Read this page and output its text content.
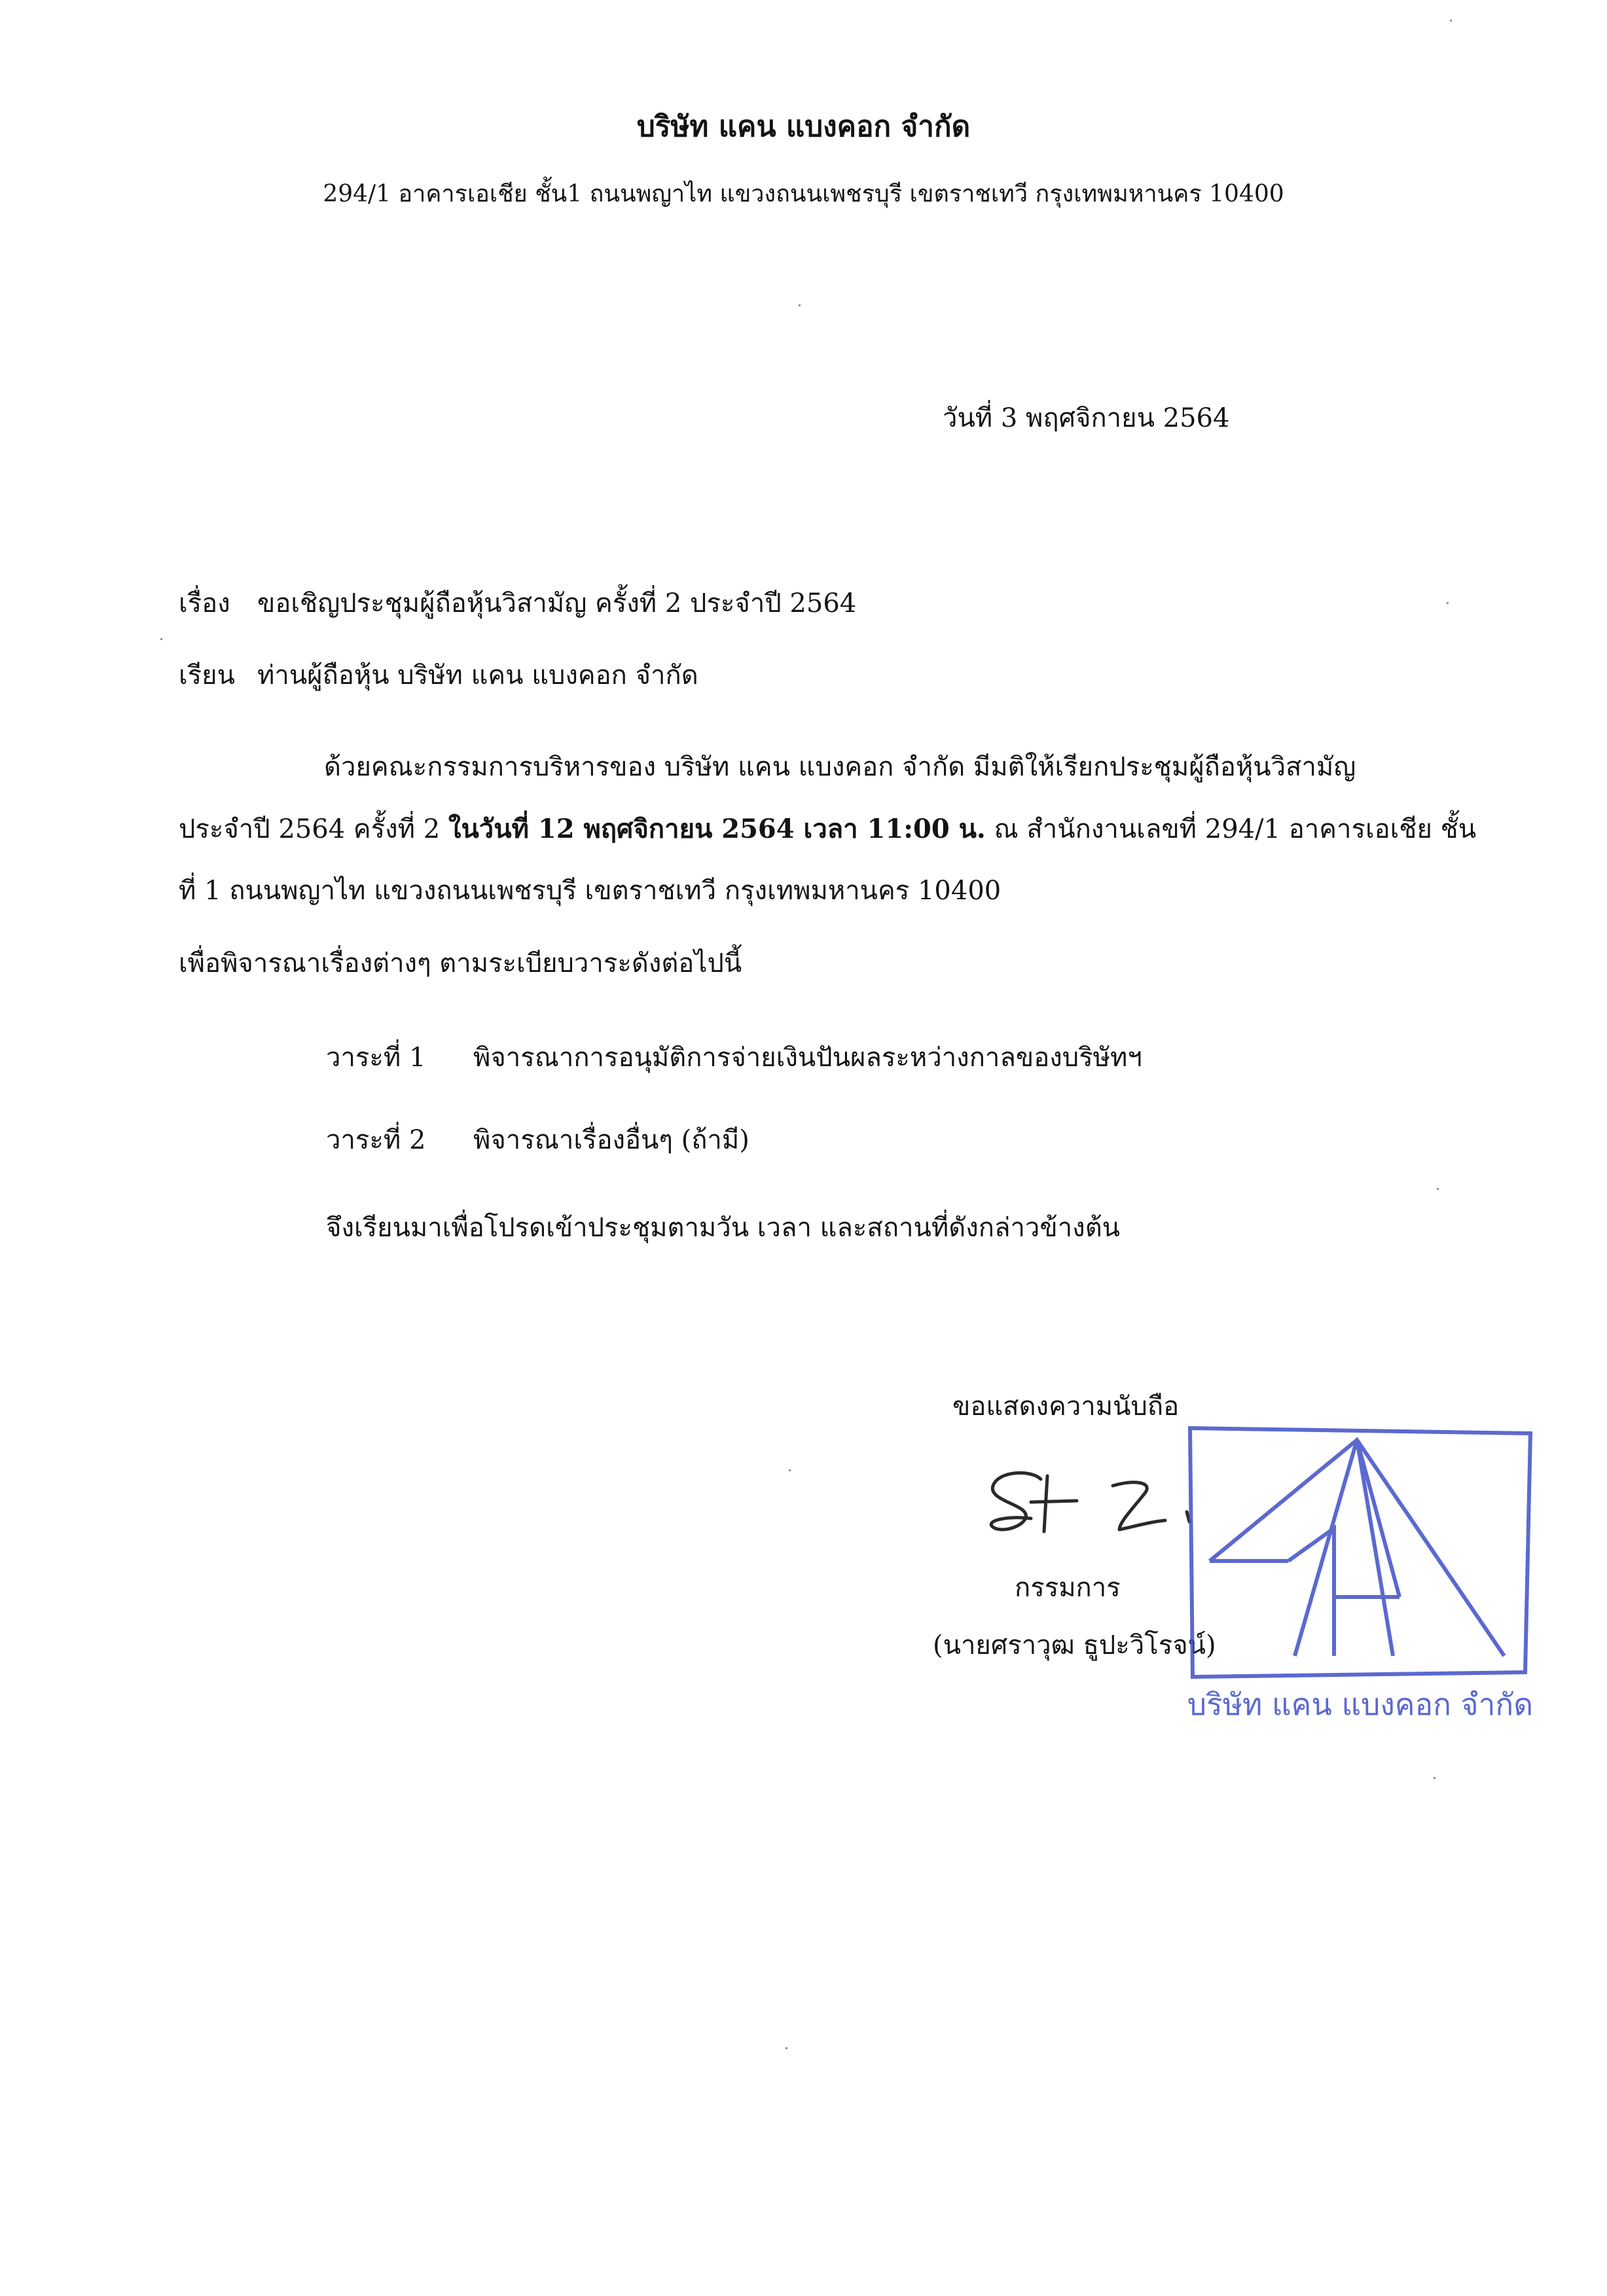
บริษัท แคน แบงคอก จำกัด
294/1 อาคารเอเชีย ชั้น1 ถนนพญาไท แขวงถนนเพชรบุรี เขตราชเทวี กรุงเทพมหานคร 10400
วันที่ 3 พฤศจิกายน 2564
เรื่อง ขอเชิญประชุมผู้ถือหุ้นวิสามัญ ครั้งที่ 2 ประจำปี 2564
เรียน ท่านผู้ถือหุ้น บริษัท แคน แบงคอก จำกัด
ด้วยคณะกรรมการบริหารของ บริษัท แคน แบงคอก จำกัด มีมติให้เรียกประชุมผู้ถือหุ้นวิสามัญ
ประจำปี 2564 ครั้งที่ 2 ในวันที่ 12 พฤศจิกายน 2564 เวลา 11:00 น. ณ สำนักงานเลขที่ 294/1 อาคารเอเชีย ชั้น
ที่ 1 ถนนพญาไท แขวงถนนเพชรบุรี เขตราชเทวี กรุงเทพมหานคร 10400
เพื่อพิจารณาเรื่องต่างๆ ตามระเบียบวาระดังต่อไปนี้
วาระที่ 1 พิจารณาการอนุมัติการจ่ายเงินปันผลระหว่างกาลของบริษัทฯ
วาระที่ 2 พิจารณาเรื่องอื่นๆ (ถ้ามี)
จึงเรียนมาเพื่อโปรดเข้าประชุมตามวัน เวลา และสถานที่ดังกล่าวข้างต้น
ขอแสดงความนับถือ
กรรมการ
(นายศราวุฒ ธูปะวิโรจน์)
บริษัท แคน แบงคอก จำกัด
